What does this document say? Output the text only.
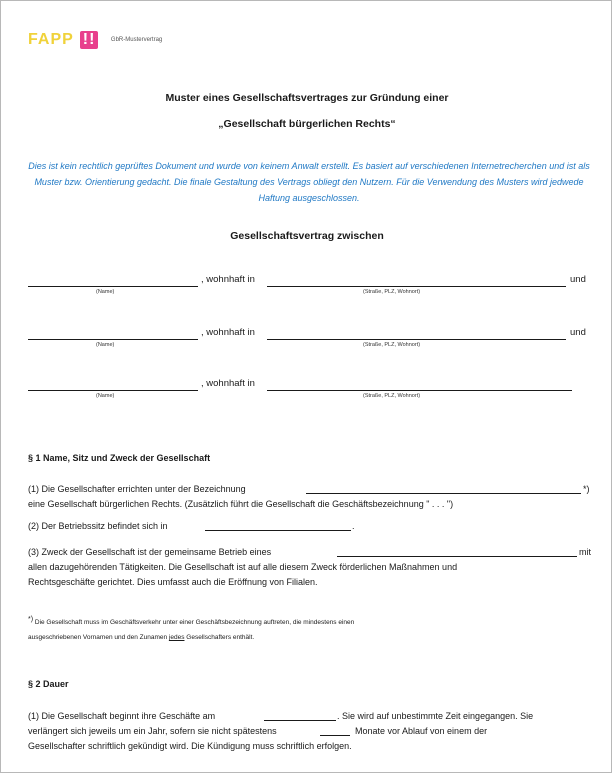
FAPP !!	GbR-Mustervertrag
Muster eines Gesellschaftsvertrages zur Gründung einer
„Gesellschaft bürgerlichen Rechts“
Dies ist kein rechtlich geprüftes Dokument und wurde von keinem Anwalt erstellt. Es basiert auf verschiedenen Internetrecherchen und ist als Muster bzw. Orientierung gedacht. Die finale Gestaltung des Vertrags obliegt den Nutzern. Für die Verwendung des Musters wird jedwede Haftung ausgeschlossen.
Gesellschaftsvertrag zwischen
, wohnhaft in	und
(Name)	(Straße, PLZ, Wohnort)
, wohnhaft in	und
(Name)	(Straße, PLZ, Wohnort)
, wohnhaft in
(Name)	(Straße, PLZ, Wohnort)
§ 1 Name, Sitz und Zweck der Gesellschaft
(1) Die Gesellschafter errichten unter der Bezeichnung	*)
eine Gesellschaft bürgerlichen Rechts. (Zusätzlich führt die Gesellschaft die Geschäftsbezeichnung " . . . ")
(2) Der Betriebssitz befindet sich in	.
(3) Zweck der Gesellschaft ist der gemeinsame Betrieb eines	mit
allen dazugehörenden Tätigkeiten. Die Gesellschaft ist auf alle diesem Zweck förderlichen Maßnahmen und
Rechtsgeschäfte gerichtet. Dies umfasst auch die Eröffnung von Filialen.
*) Die Gesellschaft muss im Geschäftsverkehr unter einer Geschäftsbezeichnung auftreten, die mindestens einen
ausgeschriebenen Vornamen und den Zunamen jedes Gesellschafters enthält.
§ 2 Dauer
(1) Die Gesellschaft beginnt ihre Geschäfte am	. Sie wird auf unbestimmte Zeit eingegangen. Sie
verlängert sich jeweils um ein Jahr, sofern sie nicht spätestens	Monate vor Ablauf von einem der
Gesellschafter schriftlich gekündigt wird. Die Kündigung muss schriftlich erfolgen.
